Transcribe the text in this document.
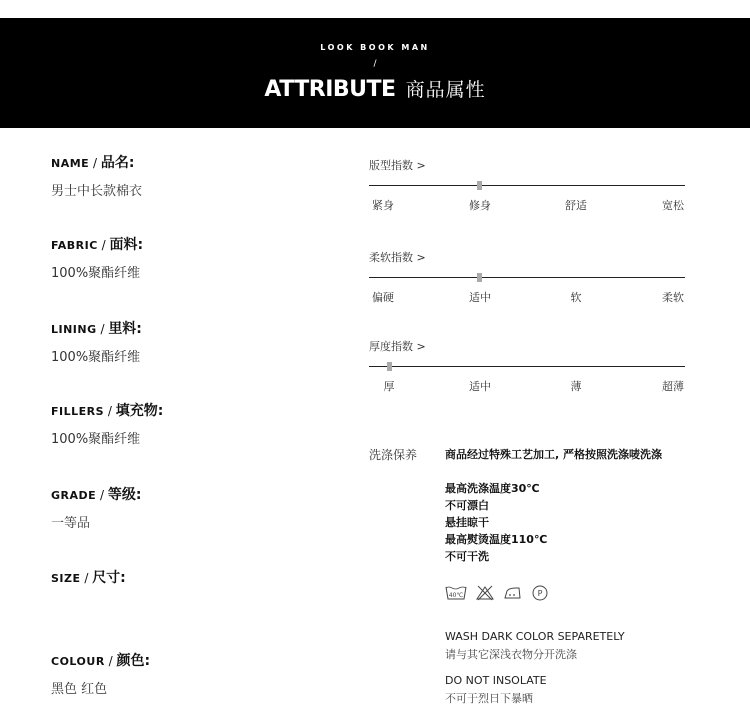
LOOK BOOK MAN
/
ATTRIBUTE 商品属性
NAME / 品名:
男士中长款棉衣
FABRIC / 面料:
100%聚酯纤维
LINING / 里料:
100%聚酯纤维
FILLERS / 填充物:
100%聚酯纤维
GRADE / 等级:
一等品
SIZE / 尺寸:
COLOUR / 颜色:
黑色 红色
版型指数 >
紧身	修身	舒适	宽松
柔软指数 >
偏硬	适中	软	柔软
厚度指数 >
厚	适中	薄	超薄
洗涤保养	商品经过特殊工艺加工, 严格按照洗涤唛洗涤
最高洗涤温度30℃
不可漂白
悬挂晾干
最高熨烫温度110℃
不可干洗
40℃	P
WASH DARK COLOR SEPARETELY
请与其它深浅衣物分开洗涤
DO NOT INSOLATE
不可于烈日下暴晒
